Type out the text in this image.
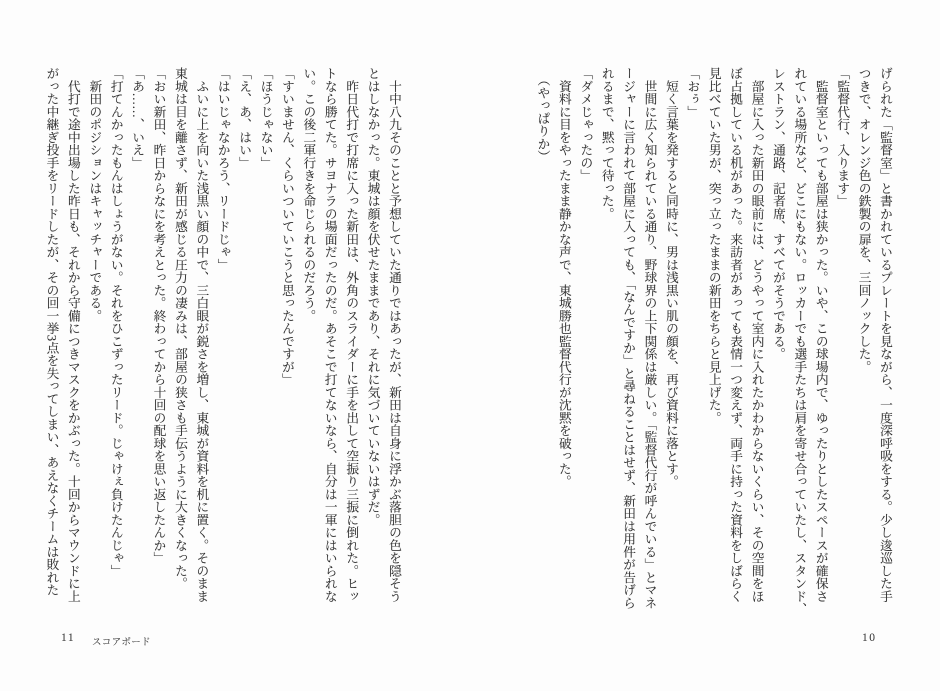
げられた「監督室」と書かれているプレートを見ながら、一度深呼吸をする。少し逡巡した手

つきで、オレンジ色の鉄製の扉を、三回ノックした。

「監督代行、入ります」

　監督室といっても部屋は狭かった。いや、この球場内で、ゆったりとしたスペースが確保さ

れている場所など、どこにもない。ロッカーでも選手たちは肩を寄せ合っていたし、スタンド、

レストラン、通路、記者席、すべてがそうである。

　部屋に入った新田の眼前には、どうやって室内に入れたかわからないくらい、その空間をほ

ぼ占拠している机があった。来訪者があっても表情一つ変えず、両手に持った資料をしばらく

見比べていた男が、突っ立ったままの新田をちらと見上げた。

「おぅ」

　短く言葉を発すると同時に、男は浅黒い肌の顔を、再び資料に落とす。

　世間に広く知られている通り、野球界の上下関係は厳しい。「監督代行が呼んでいる」とマネ

ージャーに言われて部屋に入っても、「なんですか」と尋ねることはせず、新田は用件が告げら

れるまで、黙って待った。

「ダメじゃったの」

　資料に目をやったまま静かな声で、東城勝也監督代行が沈黙を破った。

　（やっぱりか）

10

　十中八九そのことと予想していた通りではあったが、新田は自身に浮かぶ落胆の色を隠そう

とはしなかった。東城は顔を伏せたままであり、それに気づいていないはずだ。

　昨日代打で打席に入った新田は、外角のスライダーに手を出して空振り三振に倒れた。ヒッ

トなら勝てた。サヨナラの場面だったのだ。あそこで打てないなら、自分は一軍にはいられな

い。この後二軍行きを命じられるのだろう。

「すいません、くらいついていこうと思ったんですが」

「ほうじゃない」

「え、あ、はい」

「はいじゃなかろう、リードじゃ」

　ふいに上を向いた浅黒い顔の中で、三白眼が鋭さを増し、東城が資料を机に置く。そのまま

東城は目を離さず、新田が感じる圧力の凄みは、部屋の狭さも手伝うように大きくなった。

「おい新田、昨日からなにを考えとった。終わってから十回の配球を思い返したんか」

「あ……、いえ」

「打てんかったもんはしょうがない。それをひこずったリード。じゃけぇ負けたんじゃ」

　新田のポジションはキャッチャーである。

　代打で途中出場した昨日も、それから守備につきマスクをかぶった。十回からマウンドに上

がった中継ぎ投手をリードしたが、その回一挙3点を失ってしまい、あえなくチームは敗れた

11 スコアボード
